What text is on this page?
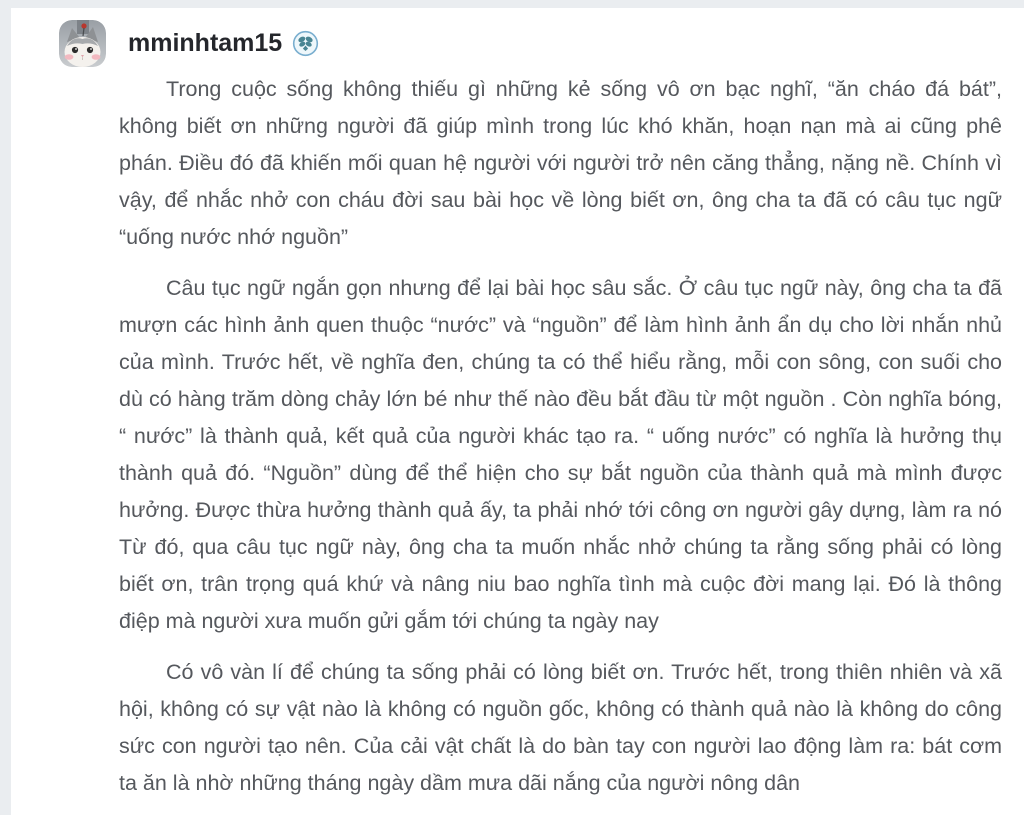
mminhtam15

Trong cuộc sống không thiếu gì những kẻ sống vô ơn bạc nghĩ, “ăn cháo đá bát”, không biết ơn những người đã giúp mình trong lúc khó khăn, hoạn nạn mà ai cũng phê phán. Điều đó đã khiến mối quan hệ người với người trở nên căng thẳng, nặng nề. Chính vì vậy, để nhắc nhở con cháu đời sau bài học về lòng biết ơn, ông cha ta đã có câu tục ngữ “uống nước nhớ nguồn”

Câu tục ngữ ngắn gọn nhưng để lại bài học sâu sắc. Ở câu tục ngữ này, ông cha ta đã mượn các hình ảnh quen thuộc “nước” và “nguồn” để làm hình ảnh ẩn dụ cho lời nhắn nhủ của mình. Trước hết, về nghĩa đen, chúng ta có thể hiểu rằng, mỗi con sông, con suối cho dù có hàng trăm dòng chảy lớn bé như thế nào đều bắt đầu từ một nguồn . Còn nghĩa bóng, “ nước” là thành quả, kết quả của người khác tạo ra. “ uống nước” có nghĩa là hưởng thụ thành quả đó. “Nguồn” dùng để thể hiện cho sự bắt nguồn của thành quả mà mình được hưởng. Được thừa hưởng thành quả ấy, ta phải nhớ tới công ơn người gây dựng, làm ra nó Từ đó, qua câu tục ngữ này, ông cha ta muốn nhắc nhở chúng ta rằng sống phải có lòng biết ơn, trân trọng quá khứ và nâng niu bao nghĩa tình mà cuộc đời mang lại. Đó là thông điệp mà người xưa muốn gửi gắm tới chúng ta ngày nay

Có vô vàn lí để chúng ta sống phải có lòng biết ơn. Trước hết, trong thiên nhiên và xã hội, không có sự vật nào là không có nguồn gốc, không có thành quả nào là không do công sức con người tạo nên. Của cải vật chất là do bàn tay con người lao động làm ra: bát cơm ta ăn là nhờ những tháng ngày dầm mưa dãi nắng của người nông dân
